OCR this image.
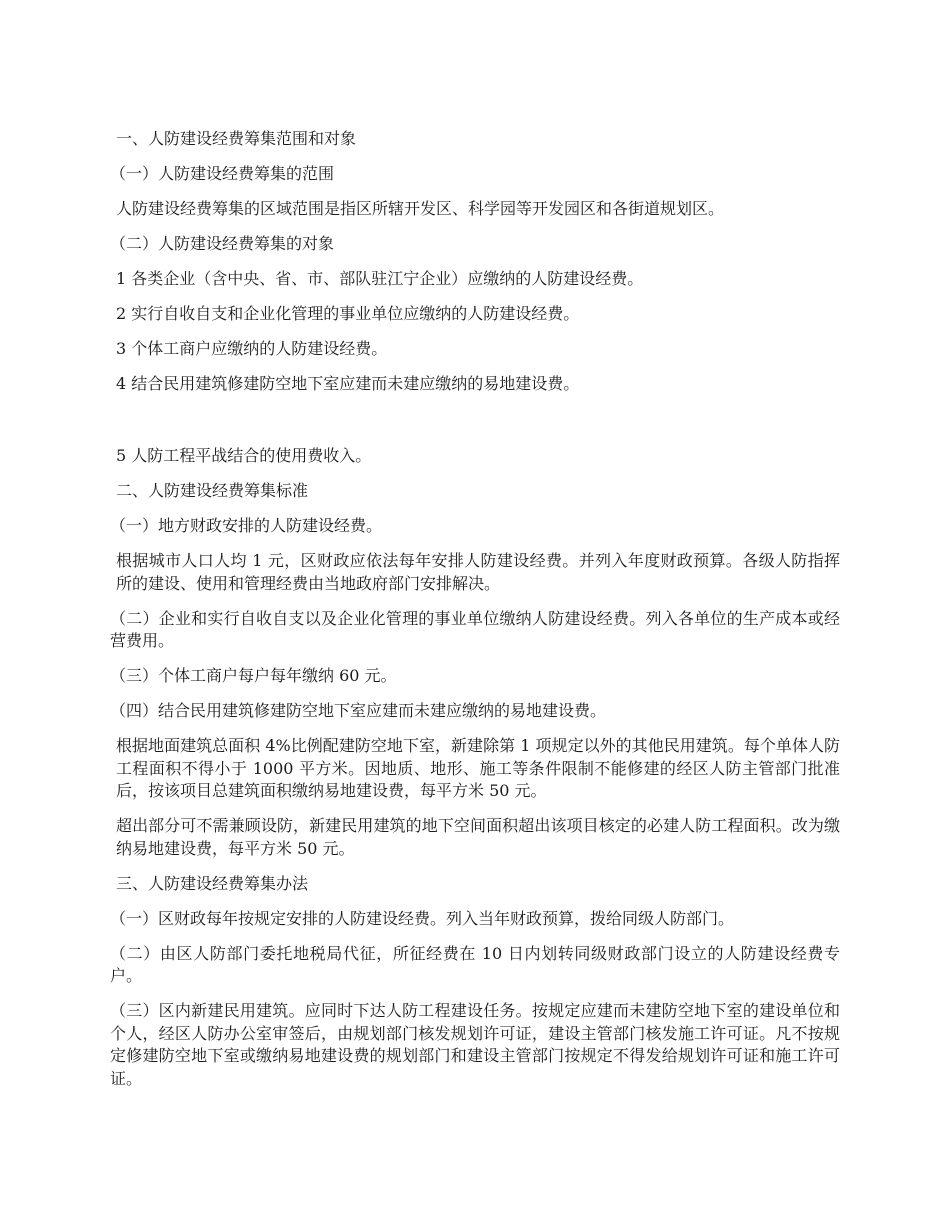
一、人防建设经费筹集范围和对象

（一）人防建设经费筹集的范围

人防建设经费筹集的区域范围是指区所辖开发区、科学园等开发园区和各街道规划区。

（二）人防建设经费筹集的对象

1 各类企业（含中央、省、市、部队驻江宁企业）应缴纳的人防建设经费。

2 实行自收自支和企业化管理的事业单位应缴纳的人防建设经费。

3 个体工商户应缴纳的人防建设经费。

4 结合民用建筑修建防空地下室应建而未建应缴纳的易地建设费。

5 人防工程平战结合的使用费收入。

二、人防建设经费筹集标准

（一）地方财政安排的人防建设经费。

根据城市人口人均 1 元，区财政应依法每年安排人防建设经费。并列入年度财政预算。各级人防指挥所的建设、使用和管理经费由当地政府部门安排解决。

（二）企业和实行自收自支以及企业化管理的事业单位缴纳人防建设经费。列入各单位的生产成本或经营费用。

（三）个体工商户每户每年缴纳 60 元。

（四）结合民用建筑修建防空地下室应建而未建应缴纳的易地建设费。

根据地面建筑总面积 4%比例配建防空地下室，新建除第 1 项规定以外的其他民用建筑。每个单体人防工程面积不得小于 1000 平方米。因地质、地形、施工等条件限制不能修建的经区人防主管部门批准后，按该项目总建筑面积缴纳易地建设费，每平方米 50 元。

超出部分可不需兼顾设防，新建民用建筑的地下空间面积超出该项目核定的必建人防工程面积。改为缴纳易地建设费，每平方米 50 元。

三、人防建设经费筹集办法

（一）区财政每年按规定安排的人防建设经费。列入当年财政预算，拨给同级人防部门。

（二）由区人防部门委托地税局代征，所征经费在 10 日内划转同级财政部门设立的人防建设经费专户。

（三）区内新建民用建筑。应同时下达人防工程建设任务。按规定应建而未建防空地下室的建设单位和个人，经区人防办公室审签后，由规划部门核发规划许可证，建设主管部门核发施工许可证。凡不按规定修建防空地下室或缴纳易地建设费的规划部门和建设主管部门按规定不得发给规划许可证和施工许可证。
